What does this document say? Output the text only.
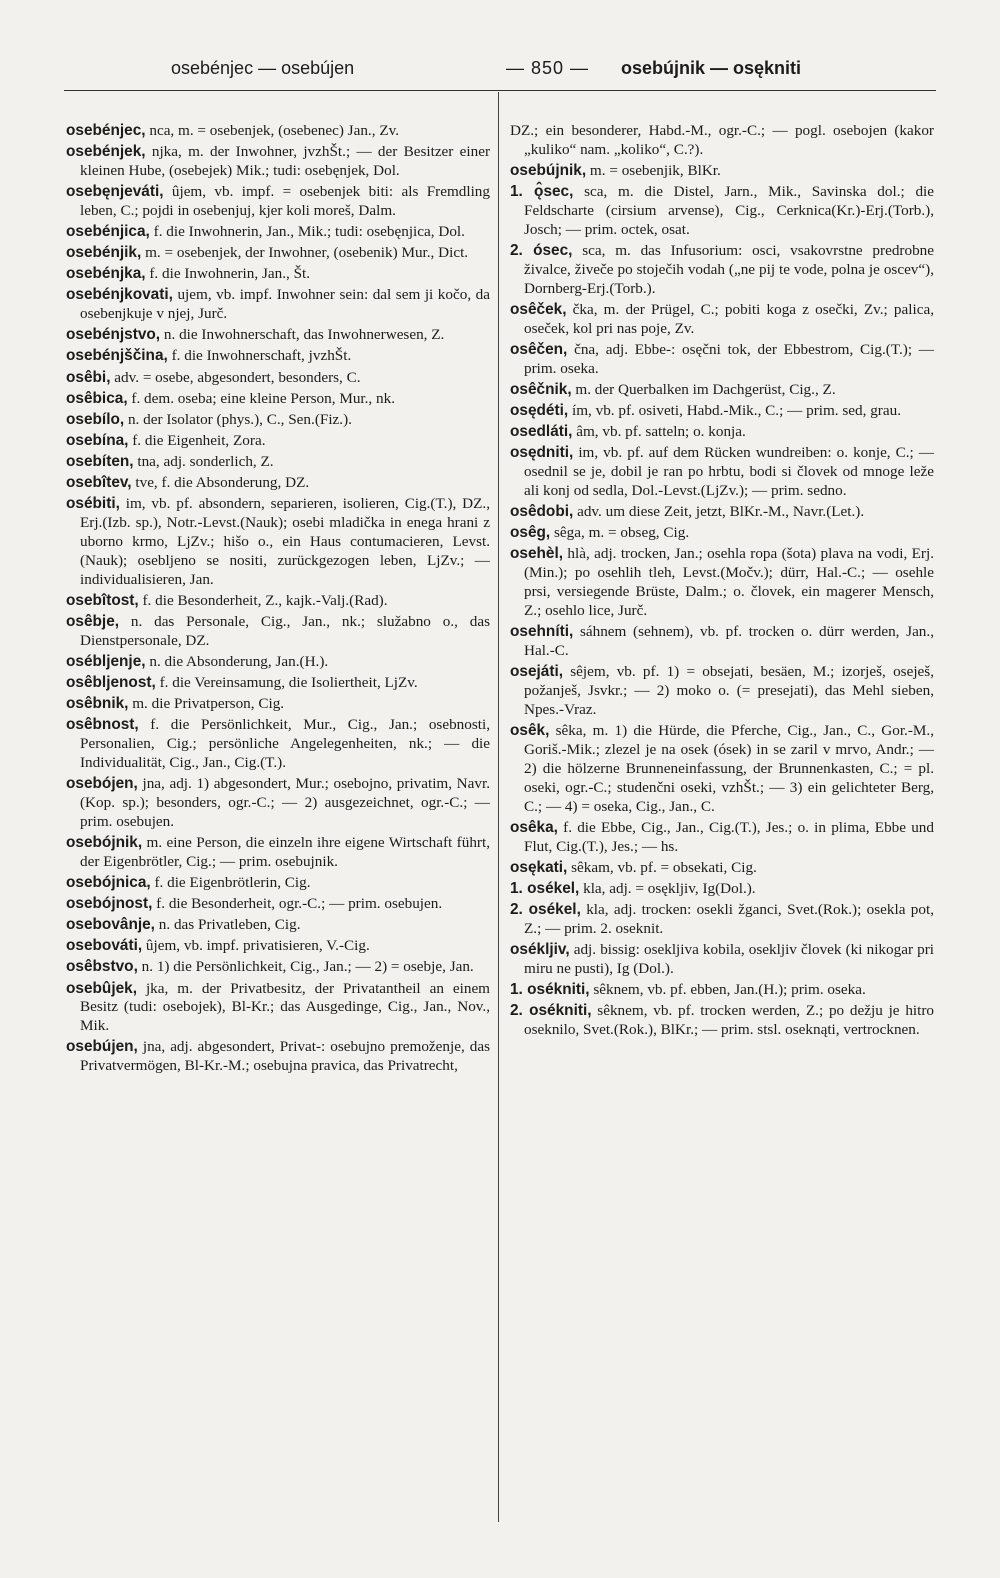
osebénjec — osebújen	— 850 — osebújnik — osękniti

osebénjec, nca, m. = osebenjek, (osebenec) Jan., Zv.

osebénjek, njka, m. der Inwohner, jvzhŠt.; — der Besitzer einer kleinen Hube, (osebejek) Mik.; tudi: osebęnjek, Dol.

osebęnjeváti, ûjem, vb. impf. = osebenjek biti: als Fremdling leben, C.; pojdi in osebenjuj, kjer koli moreš, Dalm.

osebénjica, f. die Inwohnerin, Jan., Mik.; tudi: osebęnjica, Dol.

osebénjik, m. = osebenjek, der Inwohner, (osebenik) Mur., Dict.

osebénjka, f. die Inwohnerin, Jan., Št.

osebénjkovati, ujem, vb. impf. Inwohner sein: dal sem ji kočo, da osebenjkuje v njej, Jurč.

osebénjstvo, n. die Inwohnerschaft, das Inwohnerwesen, Z.

osebénjščina, f. die Inwohnerschaft, jvzhŠt.

osêbi, adv. = osebe, abgesondert, besonders, C.

osêbica, f. dem. oseba; eine kleine Person, Mur., nk.

osebílo, n. der Isolator (phys.), C., Sen.(Fiz.).

osebína, f. die Eigenheit, Zora.

osebíten, tna, adj. sonderlich, Z.

osebîtev, tve, f. die Absonderung, DZ.

osébiti, im, vb. pf. absondern, separieren, isolieren, Cig.(T.), DZ., Erj.(Izb. sp.), Notr.-Levst.(Nauk); osebi mladička in enega hrani z uborno krmo, LjZv.; hišo o., ein Haus contumacieren, Levst.(Nauk); osebljeno se nositi, zurückgezogen leben, LjZv.; — individualisieren, Jan.

osebîtost, f. die Besonderheit, Z., kajk.-Valj.(Rad).

osêbje, n. das Personale, Cig., Jan., nk.; služabno o., das Dienstpersonale, DZ.

osébljenje, n. die Absonderung, Jan.(H.).

osêbljenost, f. die Vereinsamung, die Isoliertheit, LjZv.

osêbnik, m. die Privatperson, Cig.

osêbnost, f. die Persönlichkeit, Mur., Cig., Jan.; osebnosti, Personalien, Cig.; persönliche Angelegenheiten, nk.; — die Individualität, Cig., Jan., Cig.(T.).

osebójen, jna, adj. 1) abgesondert, Mur.; osebojno, privatim, Navr.(Kop. sp.); besonders, ogr.-C.; — 2) ausgezeichnet, ogr.-C.; — prim. osebujen.

osebójnik, m. eine Person, die einzeln ihre eigene Wirtschaft führt, der Eigenbrötler, Cig.; — prim. osebujnik.

osebójnica, f. die Eigenbrötlerin, Cig.

osebójnost, f. die Besonderheit, ogr.-C.; — prim. osebujen.

osebovânje, n. das Privatleben, Cig.

osebováti, ûjem, vb. impf. privatisieren, V.-Cig.

osêbstvo, n. 1) die Persönlichkeit, Cig., Jan.; — 2) = osebje, Jan.

osebûjek, jka, m. der Privatbesitz, der Privatantheil an einem Besitz (tudi: osebojek), Bl-Kr.; das Ausgedinge, Cig., Jan., Nov., Mik.

osebújen, jna, adj. abgesondert, Privat-: osebujno premoženje, das Privatvermögen, Bl-Kr.-M.; osebujna pravica, das Privatrecht,

DZ.; ein besonderer, Habd.-M., ogr.-C.; — pogl. osebojen (kakor „kuliko“ nam. „koliko“, C.?).

osebújnik, m. = osebenjik, BlKr.

1. ǫ̂sec, sca, m. die Distel, Jarn., Mik., Savinska dol.; die Feldscharte (cirsium arvense), Cig., Cerknica(Kr.)-Erj.(Torb.), Josch; — prim. octek, osat.

2. ósec, sca, m. das Infusorium: osci, vsakovrstne predrobne živalce, živeče po stoječih vodah („ne pij te vode, polna je oscev“), Dornberg-Erj.(Torb.).

osêček, čka, m. der Prügel, C.; pobiti koga z osečki, Zv.; palica, oseček, kol pri nas poje, Zv.

osêčen, čna, adj. Ebbe-: osęčni tok, der Ebbestrom, Cig.(T.); — prim. oseka.

osêčnik, m. der Querbalken im Dachgerüst, Cig., Z.

osędéti, ím, vb. pf. osiveti, Habd.-Mik., C.; — prim. sed, grau.

osedláti, âm, vb. pf. satteln; o. konja.

osędniti, im, vb. pf. auf dem Rücken wundreiben: o. konje, C.; — osednil se je, dobil je ran po hrbtu, bodi si človek od mnoge leže ali konj od sedla, Dol.-Levst.(LjZv.); — prim. sedno.

osêdobi, adv. um diese Zeit, jetzt, BlKr.-M., Navr.(Let.).

osêg, sêga, m. = obseg, Cig.

osehèl, hlà, adj. trocken, Jan.; osehla ropa (šota) plava na vodi, Erj.(Min.); po osehlih tleh, Levst.(Močv.); dürr, Hal.-C.; — osehle prsi, versiegende Brüste, Dalm.; o. človek, ein magerer Mensch, Z.; osehlo lice, Jurč.

osehníti, sáhnem (sehnem), vb. pf. trocken o. dürr werden, Jan., Hal.-C.

osejáti, sêjem, vb. pf. 1) = obsejati, besäen, M.; izorješ, oseješ, požanješ, Jsvkr.; — 2) moko o. (= presejati), das Mehl sieben, Npes.-Vraz.

osêk, sêka, m. 1) die Hürde, die Pferche, Cig., Jan., C., Gor.-M., Goriš.-Mik.; zlezel je na osek (ósek) in se zaril v mrvo, Andr.; — 2) die hölzerne Brunneneinfassung, der Brunnenkasten, C.; = pl. oseki, ogr.-C.; studenčni oseki, vzhŠt.; — 3) ein gelichteter Berg, C.; — 4) = oseka, Cig., Jan., C.

osêka, f. die Ebbe, Cig., Jan., Cig.(T.), Jes.; o. in plima, Ebbe und Flut, Cig.(T.), Jes.; — hs.

osękati, sêkam, vb. pf. = obsekati, Cig.

1. osékel, kla, adj. = osękljiv, Ig(Dol.).

2. osékel, kla, adj. trocken: osekli žganci, Svet.(Rok.); osekla pot, Z.; — prim. 2. oseknit.

osékljiv, adj. bissig: osekljiva kobila, osekljiv človek (ki nikogar pri miru ne pusti), Ig (Dol.).

1. osékniti, sêknem, vb. pf. ebben, Jan.(H.); prim. oseka.

2. osékniti, sêknem, vb. pf. trocken werden, Z.; po dežju je hitro oseknilo, Svet.(Rok.), BlKr.; — prim. stsl. oseknąti, vertrocknen.
